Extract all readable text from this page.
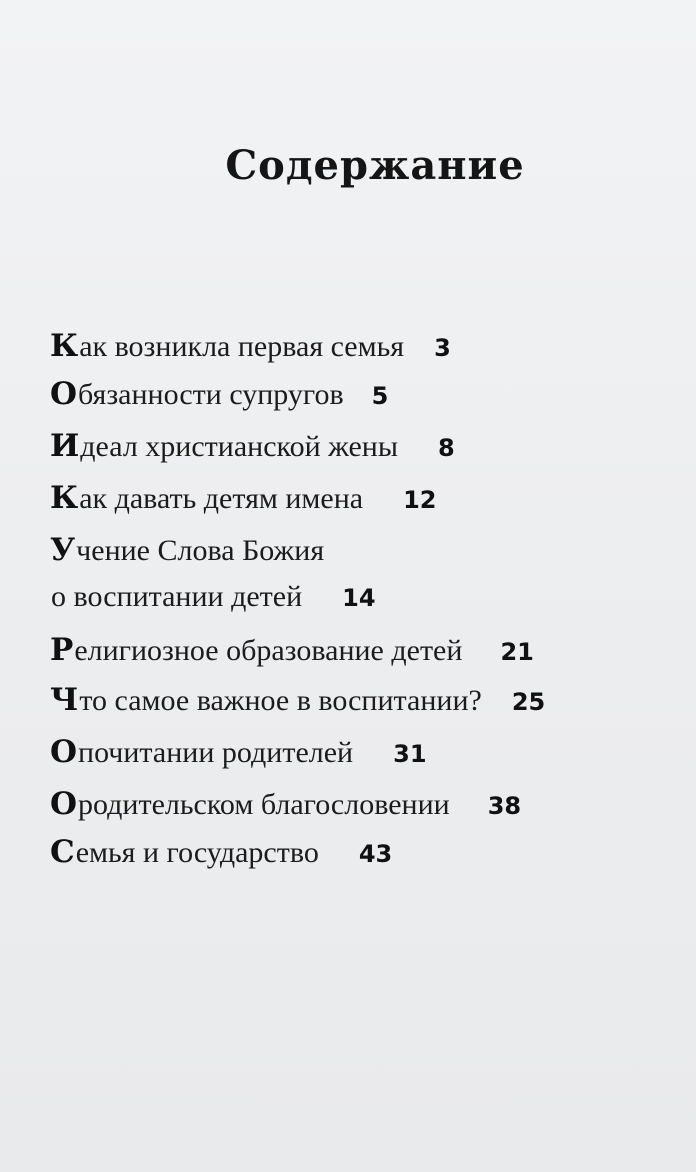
Содержание
К ак возникла первая семья 3
О бязанности супругов 5
И деал христианской жены 8
К ак давать детям имена 12
У чение Слова Божия
о воспитании детей 14
Р елигиозное образование детей 21
Ч то самое важное в воспитании? 25
О почитании родителей 31
О родительском благословении 38
С емья и государство 43
